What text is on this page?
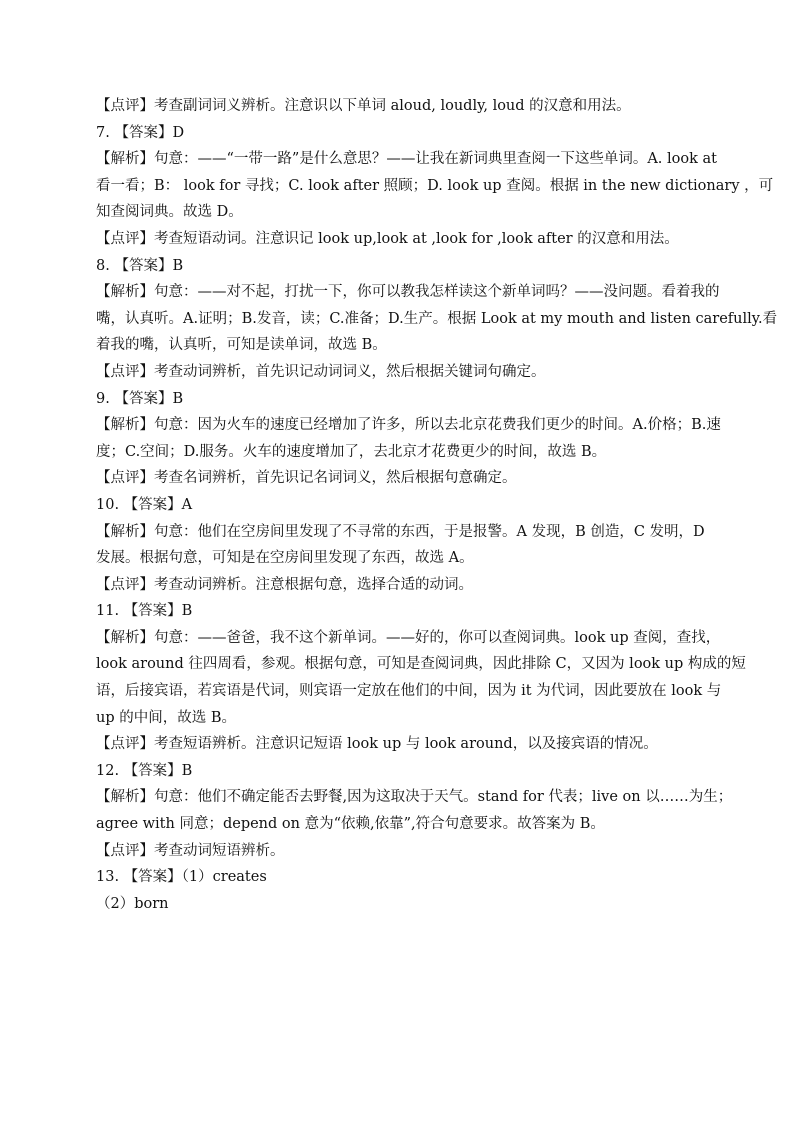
【点评】考查副词词义辨析。注意识以下单词 aloud, loudly, loud 的汉意和用法。
7. 【答案】D
【解析】句意：——“一带一路”是什么意思？——让我在新词典里查阅一下这些单词。A. look at
看一看；B： look for 寻找；C. look after 照顾；D. look up 查阅。根据 in the new dictionary ，可
知查阅词典。故选 D。
【点评】考查短语动词。注意识记 look up,look at ,look for ,look after 的汉意和用法。
8. 【答案】B
【解析】句意：——对不起，打扰一下，你可以教我怎样读这个新单词吗？——没问题。看着我的
嘴，认真听。A.证明；B.发音，读；C.准备；D.生产。根据 Look at my mouth and listen carefully.看
着我的嘴，认真听，可知是读单词，故选 B。
【点评】考查动词辨析，首先识记动词词义，然后根据关键词句确定。
9. 【答案】B
【解析】句意：因为火车的速度已经增加了许多，所以去北京花费我们更少的时间。A.价格；B.速
度；C.空间；D.服务。火车的速度增加了，去北京才花费更少的时间，故选 B。
【点评】考查名词辨析，首先识记名词词义，然后根据句意确定。
10. 【答案】A
【解析】句意：他们在空房间里发现了不寻常的东西，于是报警。A 发现，B 创造，C 发明，D
发展。根据句意，可知是在空房间里发现了东西，故选 A。
【点评】考查动词辨析。注意根据句意，选择合适的动词。
11. 【答案】B
【解析】句意：——爸爸，我不这个新单词。——好的，你可以查阅词典。look up 查阅，查找，
look around 往四周看，参观。根据句意，可知是查阅词典，因此排除 C，又因为 look up 构成的短
语，后接宾语，若宾语是代词，则宾语一定放在他们的中间，因为 it 为代词，因此要放在 look 与
up 的中间，故选 B。
【点评】考查短语辨析。注意识记短语 look up 与 look around，以及接宾语的情况。
12. 【答案】B
【解析】句意：他们不确定能否去野餐,因为这取决于天气。stand for 代表；live on 以……为生；
agree with 同意；depend on 意为“依赖,依靠”,符合句意要求。故答案为 B。
【点评】考查动词短语辨析。
13. 【答案】（1）creates
（2）born
